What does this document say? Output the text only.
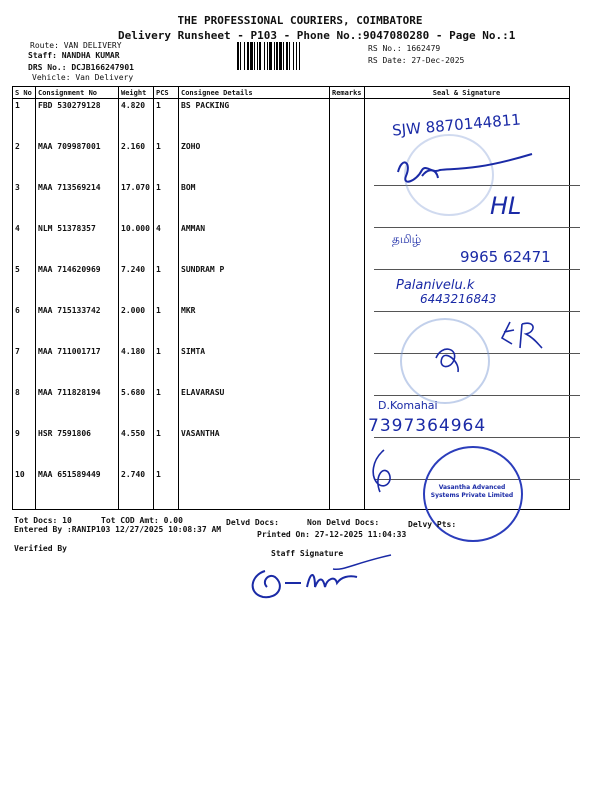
THE PROFESSIONAL COURIERS, COIMBATORE
Delivery Runsheet - P103 - Phone No.:9047080280 - Page No.:1
Route: VAN DELIVERY
Staff: NANDHA KUMAR
DRS No.: DCJB166247901
Vehicle: Van Delivery
RS No.: 1662479
RS Date: 27-Dec-2025
S No	Consignment No	Weight	PCS	Consignee Details	Remarks	Seal & Signature
1	FBD 530279128	4.820	1	BS PACKING		
2	MAA 709987001	2.160	1	ZOHO		
3	MAA 713569214	17.070	1	BOM		
4	NLM 51378357	10.000	4	AMMAN		
5	MAA 714620969	7.240	1	SUNDRAM P		
6	MAA 715133742	2.000	1	MKR		
7	MAA 711001717	4.180	1	SIMTA		
8	MAA 711828194	5.680	1	ELAVARASU		
9	HSR 7591806	4.550	1	VASANTHA		
10	MAA 651589449	2.740	1			
SJW 8870144811
HL
தமிழ்
9965 62471
Palanivelu.k
6443216843
D.Komahai
7397364964
Vasantha Advanced Systems Private Limited
Tot Docs: 10	Tot COD Amt: 0.00	Delvd Docs:	Non Delvd Docs:	Delvy Pts:
Entered By :RANIP103 12/27/2025 10:08:37 AM
Printed On: 27-12-2025 11:04:33
Verified By
Staff Signature
